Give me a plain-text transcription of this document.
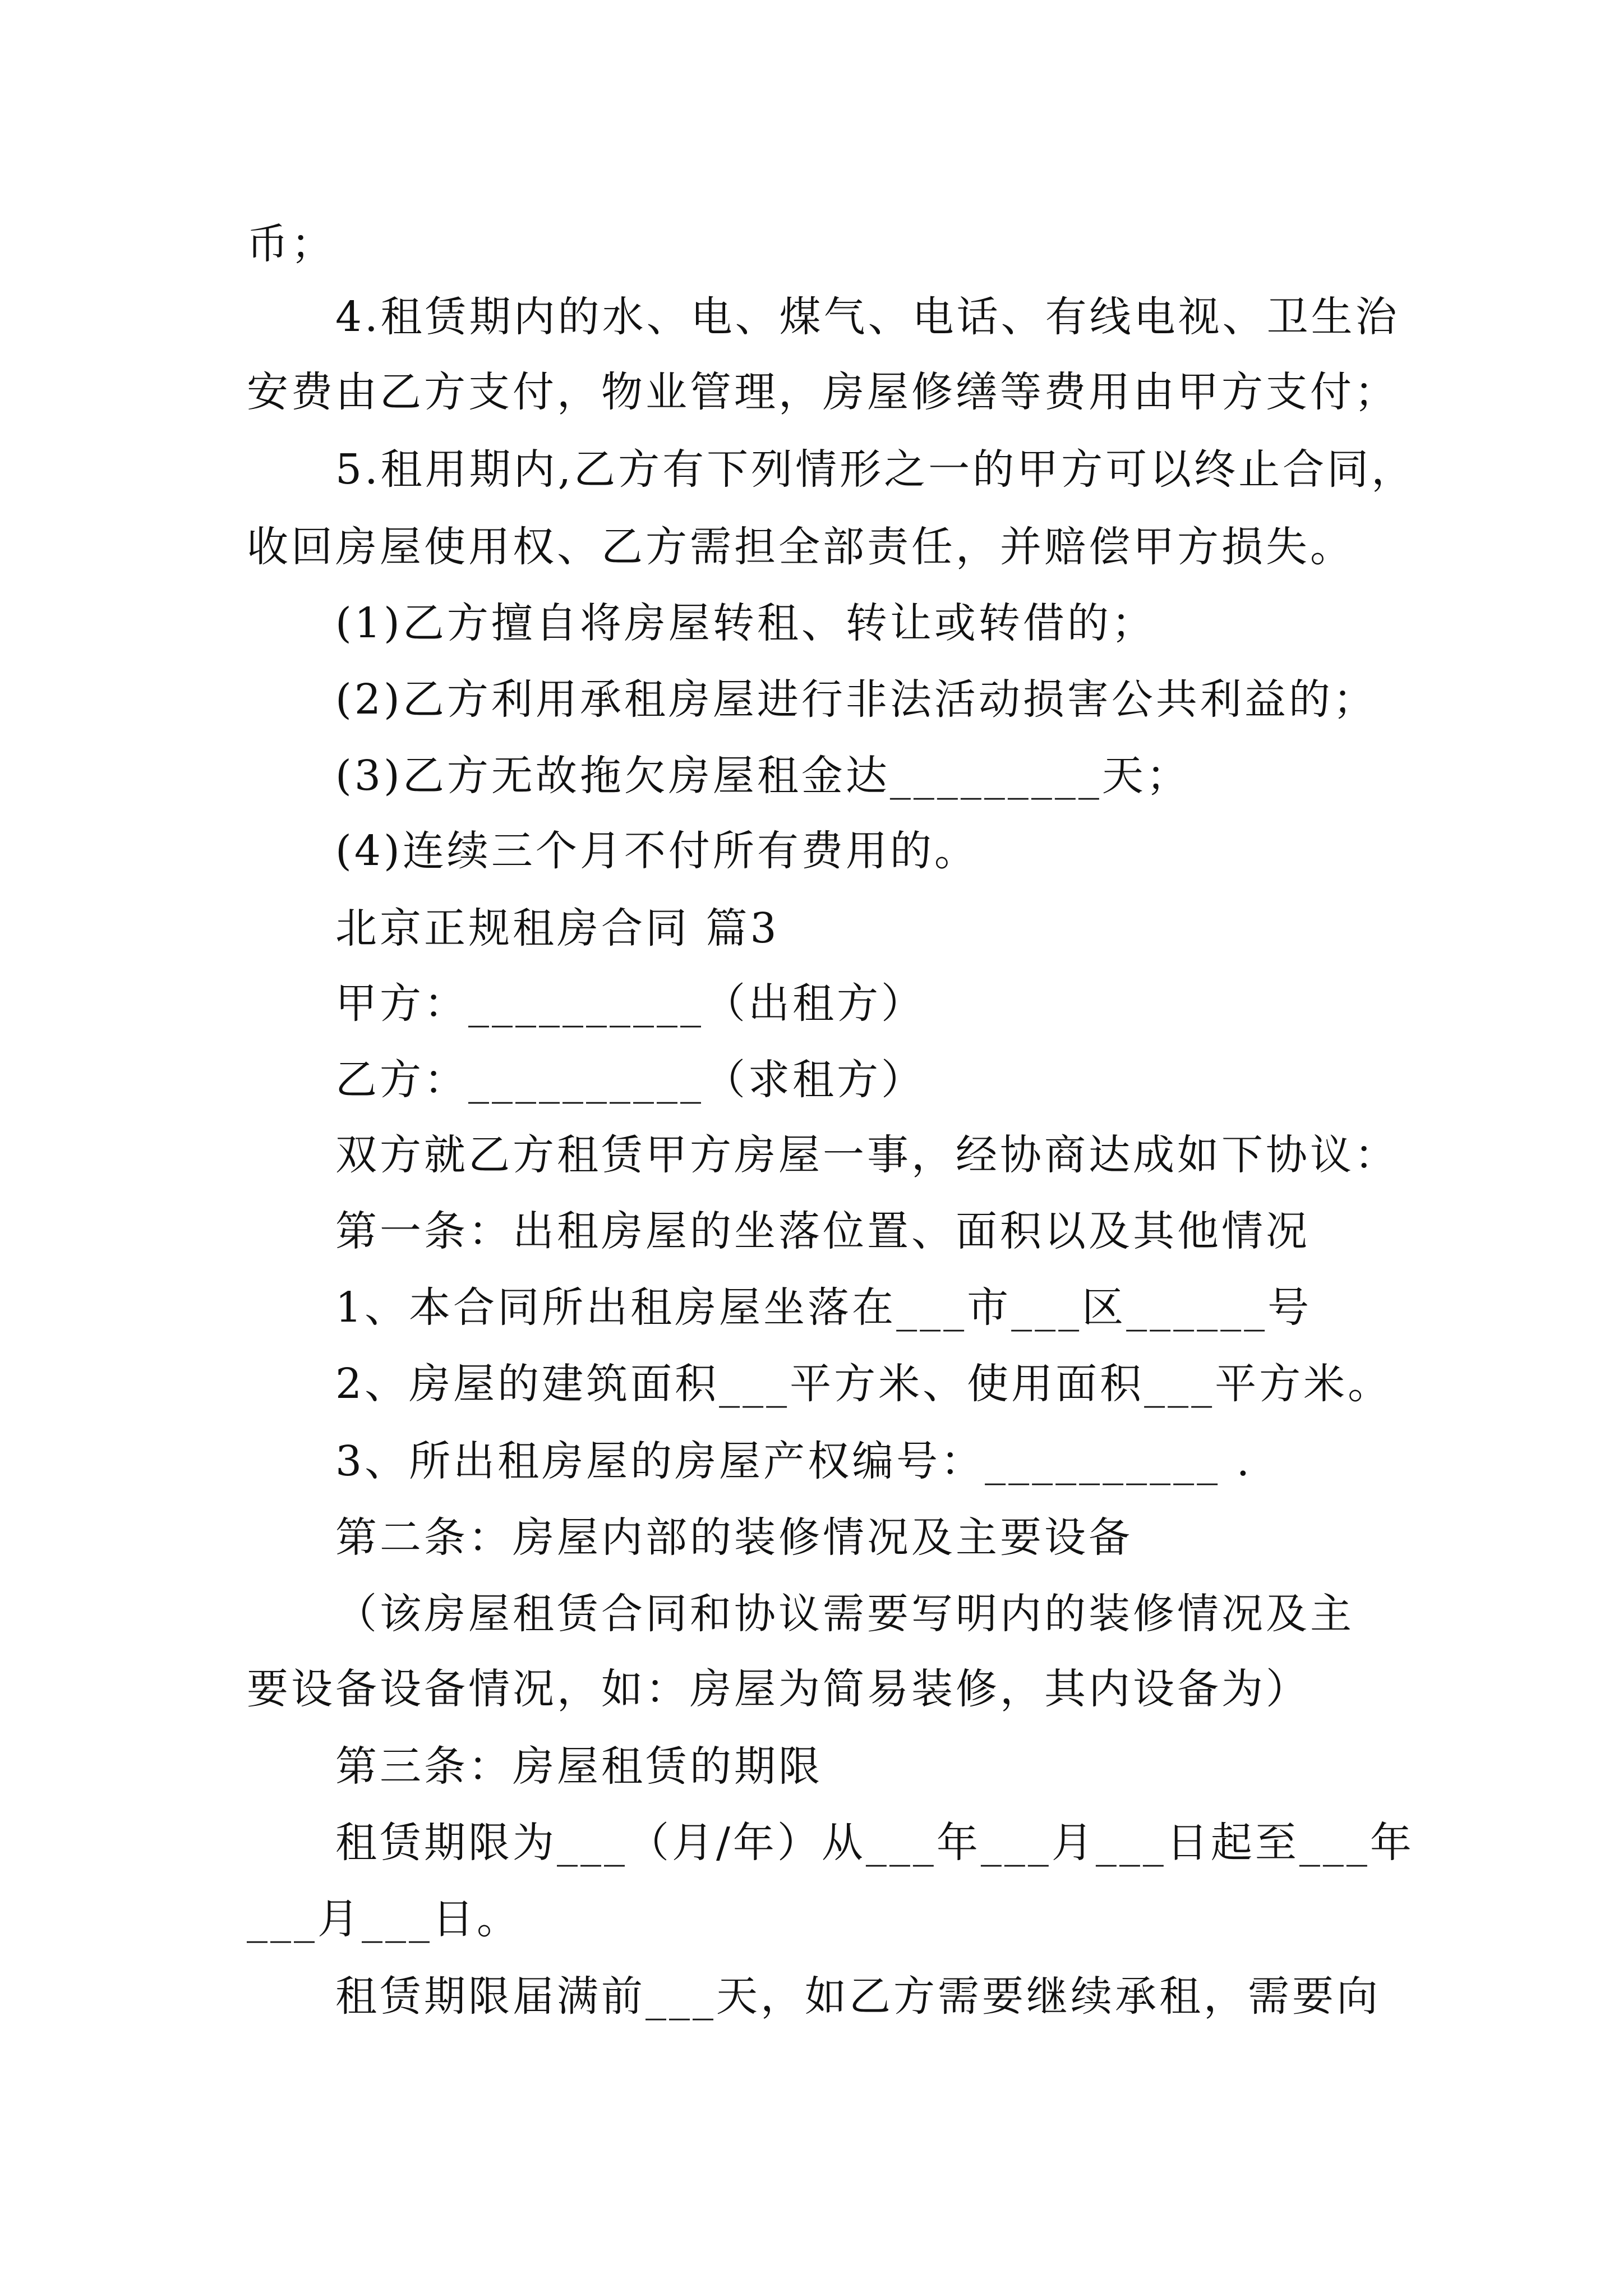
币；
4.租赁期内的水、电、煤气、电话、有线电视、卫生治
安费由乙方支付，物业管理，房屋修缮等费用由甲方支付；
5.租用期内,乙方有下列情形之一的甲方可以终止合同，
收回房屋使用权、乙方需担全部责任，并赔偿甲方损失。
(1)乙方擅自将房屋转租、转让或转借的；
(2)乙方利用承租房屋进行非法活动损害公共利益的；
(3)乙方无故拖欠房屋租金达_________天；
(4)连续三个月不付所有费用的。
北京正规租房合同 篇3
甲方：__________（出租方）
乙方：__________（求租方）
双方就乙方租赁甲方房屋一事，经协商达成如下协议：
第一条：出租房屋的坐落位置、面积以及其他情况
1、本合同所出租房屋坐落在___市___区______号
2、房屋的建筑面积___平方米、使用面积___平方米。
3、所出租房屋的房屋产权编号：__________ .
第二条：房屋内部的装修情况及主要设备
（该房屋租赁合同和协议需要写明内的装修情况及主
要设备设备情况，如：房屋为简易装修，其内设备为）
第三条：房屋租赁的期限
租赁期限为___（月/年）从___年___月___日起至___年
___月___日。
租赁期限届满前___天，如乙方需要继续承租，需要向
